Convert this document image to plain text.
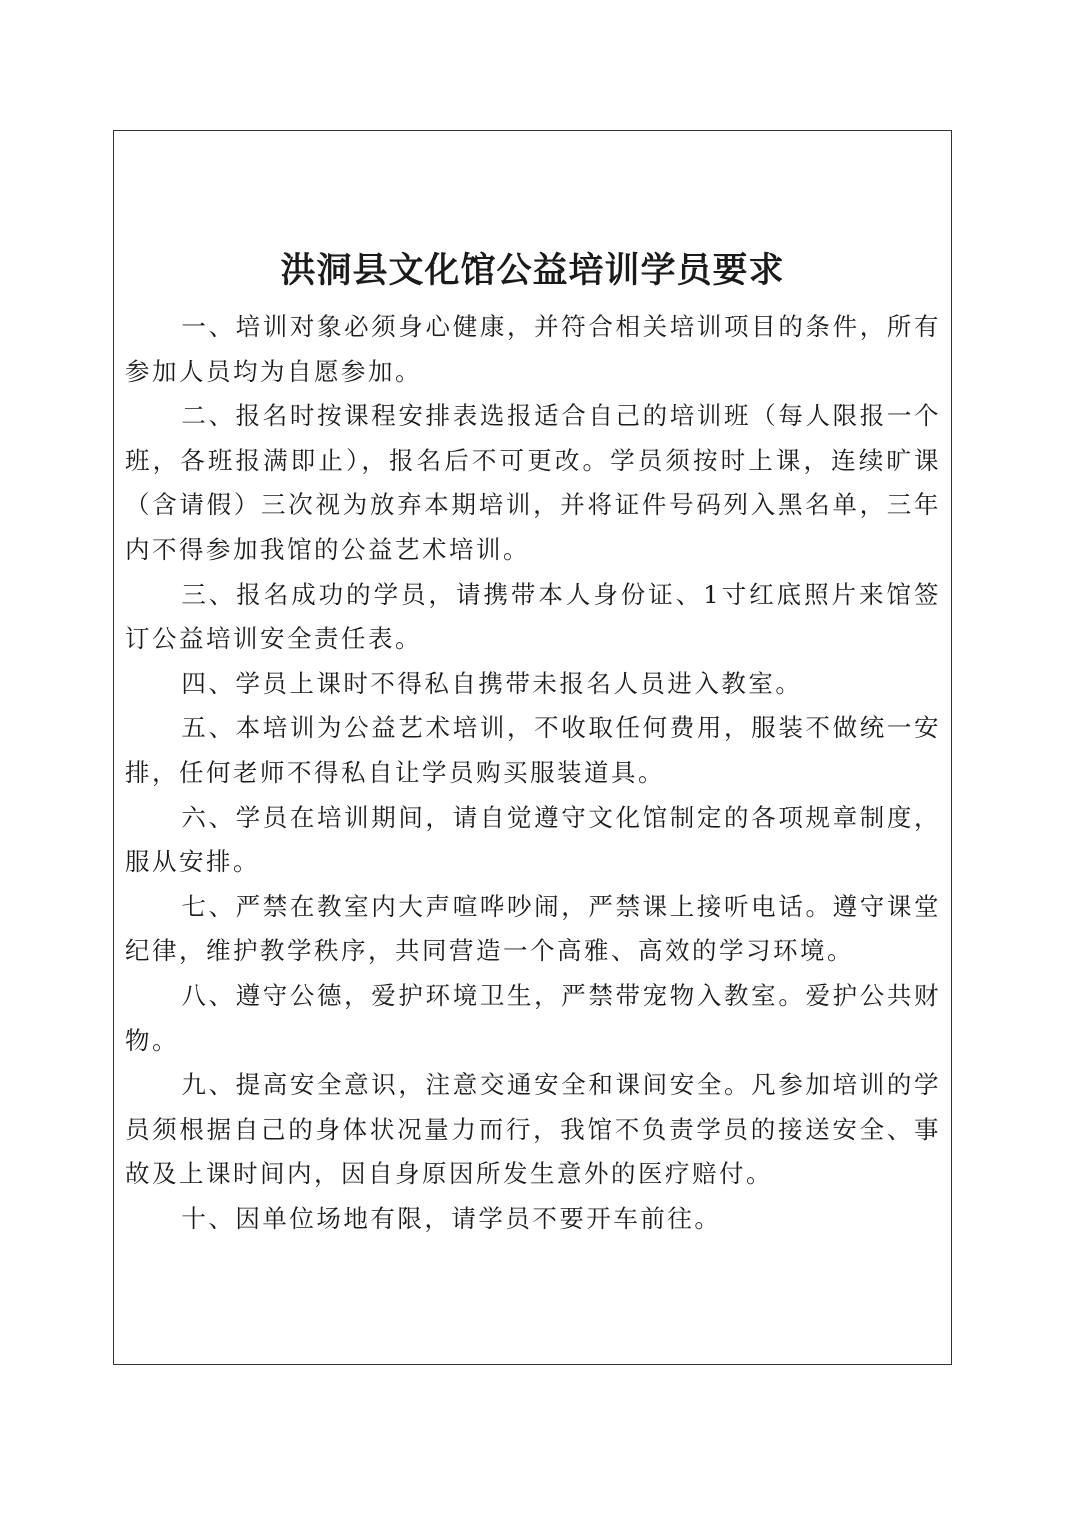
洪洞县文化馆公益培训学员要求

一、培训对象必须身心健康，并符合相关培训项目的条件，所有参加人员均为自愿参加。

二、报名时按课程安排表选报适合自己的培训班（每人限报一个班，各班报满即止），报名后不可更改。学员须按时上课，连续旷课（含请假）三次视为放弃本期培训，并将证件号码列入黑名单，三年内不得参加我馆的公益艺术培训。

三、报名成功的学员，请携带本人身份证、1寸红底照片来馆签订公益培训安全责任表。

四、学员上课时不得私自携带未报名人员进入教室。

五、本培训为公益艺术培训，不收取任何费用，服装不做统一安排，任何老师不得私自让学员购买服装道具。

六、学员在培训期间，请自觉遵守文化馆制定的各项规章制度，服从安排。

七、严禁在教室内大声喧哗吵闹，严禁课上接听电话。遵守课堂纪律，维护教学秩序，共同营造一个高雅、高效的学习环境。

八、遵守公德，爱护环境卫生，严禁带宠物入教室。爱护公共财物。

九、提高安全意识，注意交通安全和课间安全。凡参加培训的学员须根据自己的身体状况量力而行，我馆不负责学员的接送安全、事故及上课时间内，因自身原因所发生意外的医疗赔付。

十、因单位场地有限，请学员不要开车前往。
